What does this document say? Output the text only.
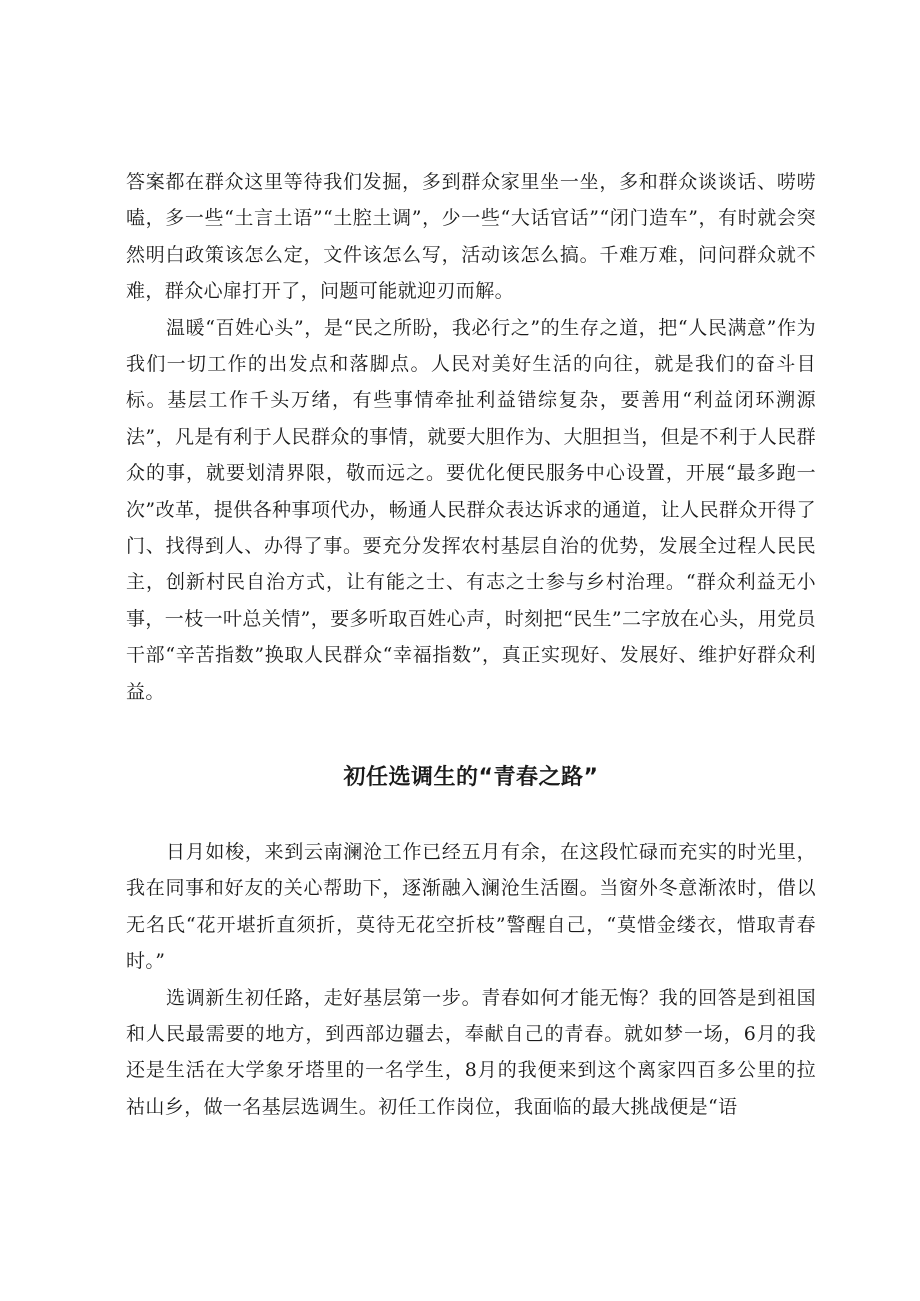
答案都在群众这里等待我们发掘，多到群众家里坐一坐，多和群众谈谈话、唠唠嗑，多一些“土言土语”“土腔土调”，少一些“大话官话”“闭门造车”，有时就会突然明白政策该怎么定，文件该怎么写，活动该怎么搞。千难万难，问问群众就不难，群众心扉打开了，问题可能就迎刃而解。

温暖“百姓心头”，是“民之所盼，我必行之”的生存之道，把“人民满意”作为我们一切工作的出发点和落脚点。人民对美好生活的向往，就是我们的奋斗目标。基层工作千头万绪，有些事情牵扯利益错综复杂，要善用“利益闭环溯源法”，凡是有利于人民群众的事情，就要大胆作为、大胆担当，但是不利于人民群众的事，就要划清界限，敬而远之。要优化便民服务中心设置，开展“最多跑一次”改革，提供各种事项代办，畅通人民群众表达诉求的通道，让人民群众开得了门、找得到人、办得了事。要充分发挥农村基层自治的优势，发展全过程人民民主，创新村民自治方式，让有能之士、有志之士参与乡村治理。“群众利益无小事，一枝一叶总关情”，要多听取百姓心声，时刻把“民生”二字放在心头，用党员干部“辛苦指数”换取人民群众“幸福指数”，真正实现好、发展好、维护好群众利益。

初任选调生的“青春之路”

日月如梭，来到云南澜沧工作已经五月有余，在这段忙碌而充实的时光里，我在同事和好友的关心帮助下，逐渐融入澜沧生活圈。当窗外冬意渐浓时，借以无名氏“花开堪折直须折，莫待无花空折枝”警醒自己，“莫惜金缕衣，惜取青春时。”

选调新生初任路，走好基层第一步。青春如何才能无悔？我的回答是到祖国和人民最需要的地方，到西部边疆去，奉献自己的青春。就如梦一场，6月的我还是生活在大学象牙塔里的一名学生，8月的我便来到这个离家四百多公里的拉祜山乡，做一名基层选调生。初任工作岗位，我面临的最大挑战便是“语
